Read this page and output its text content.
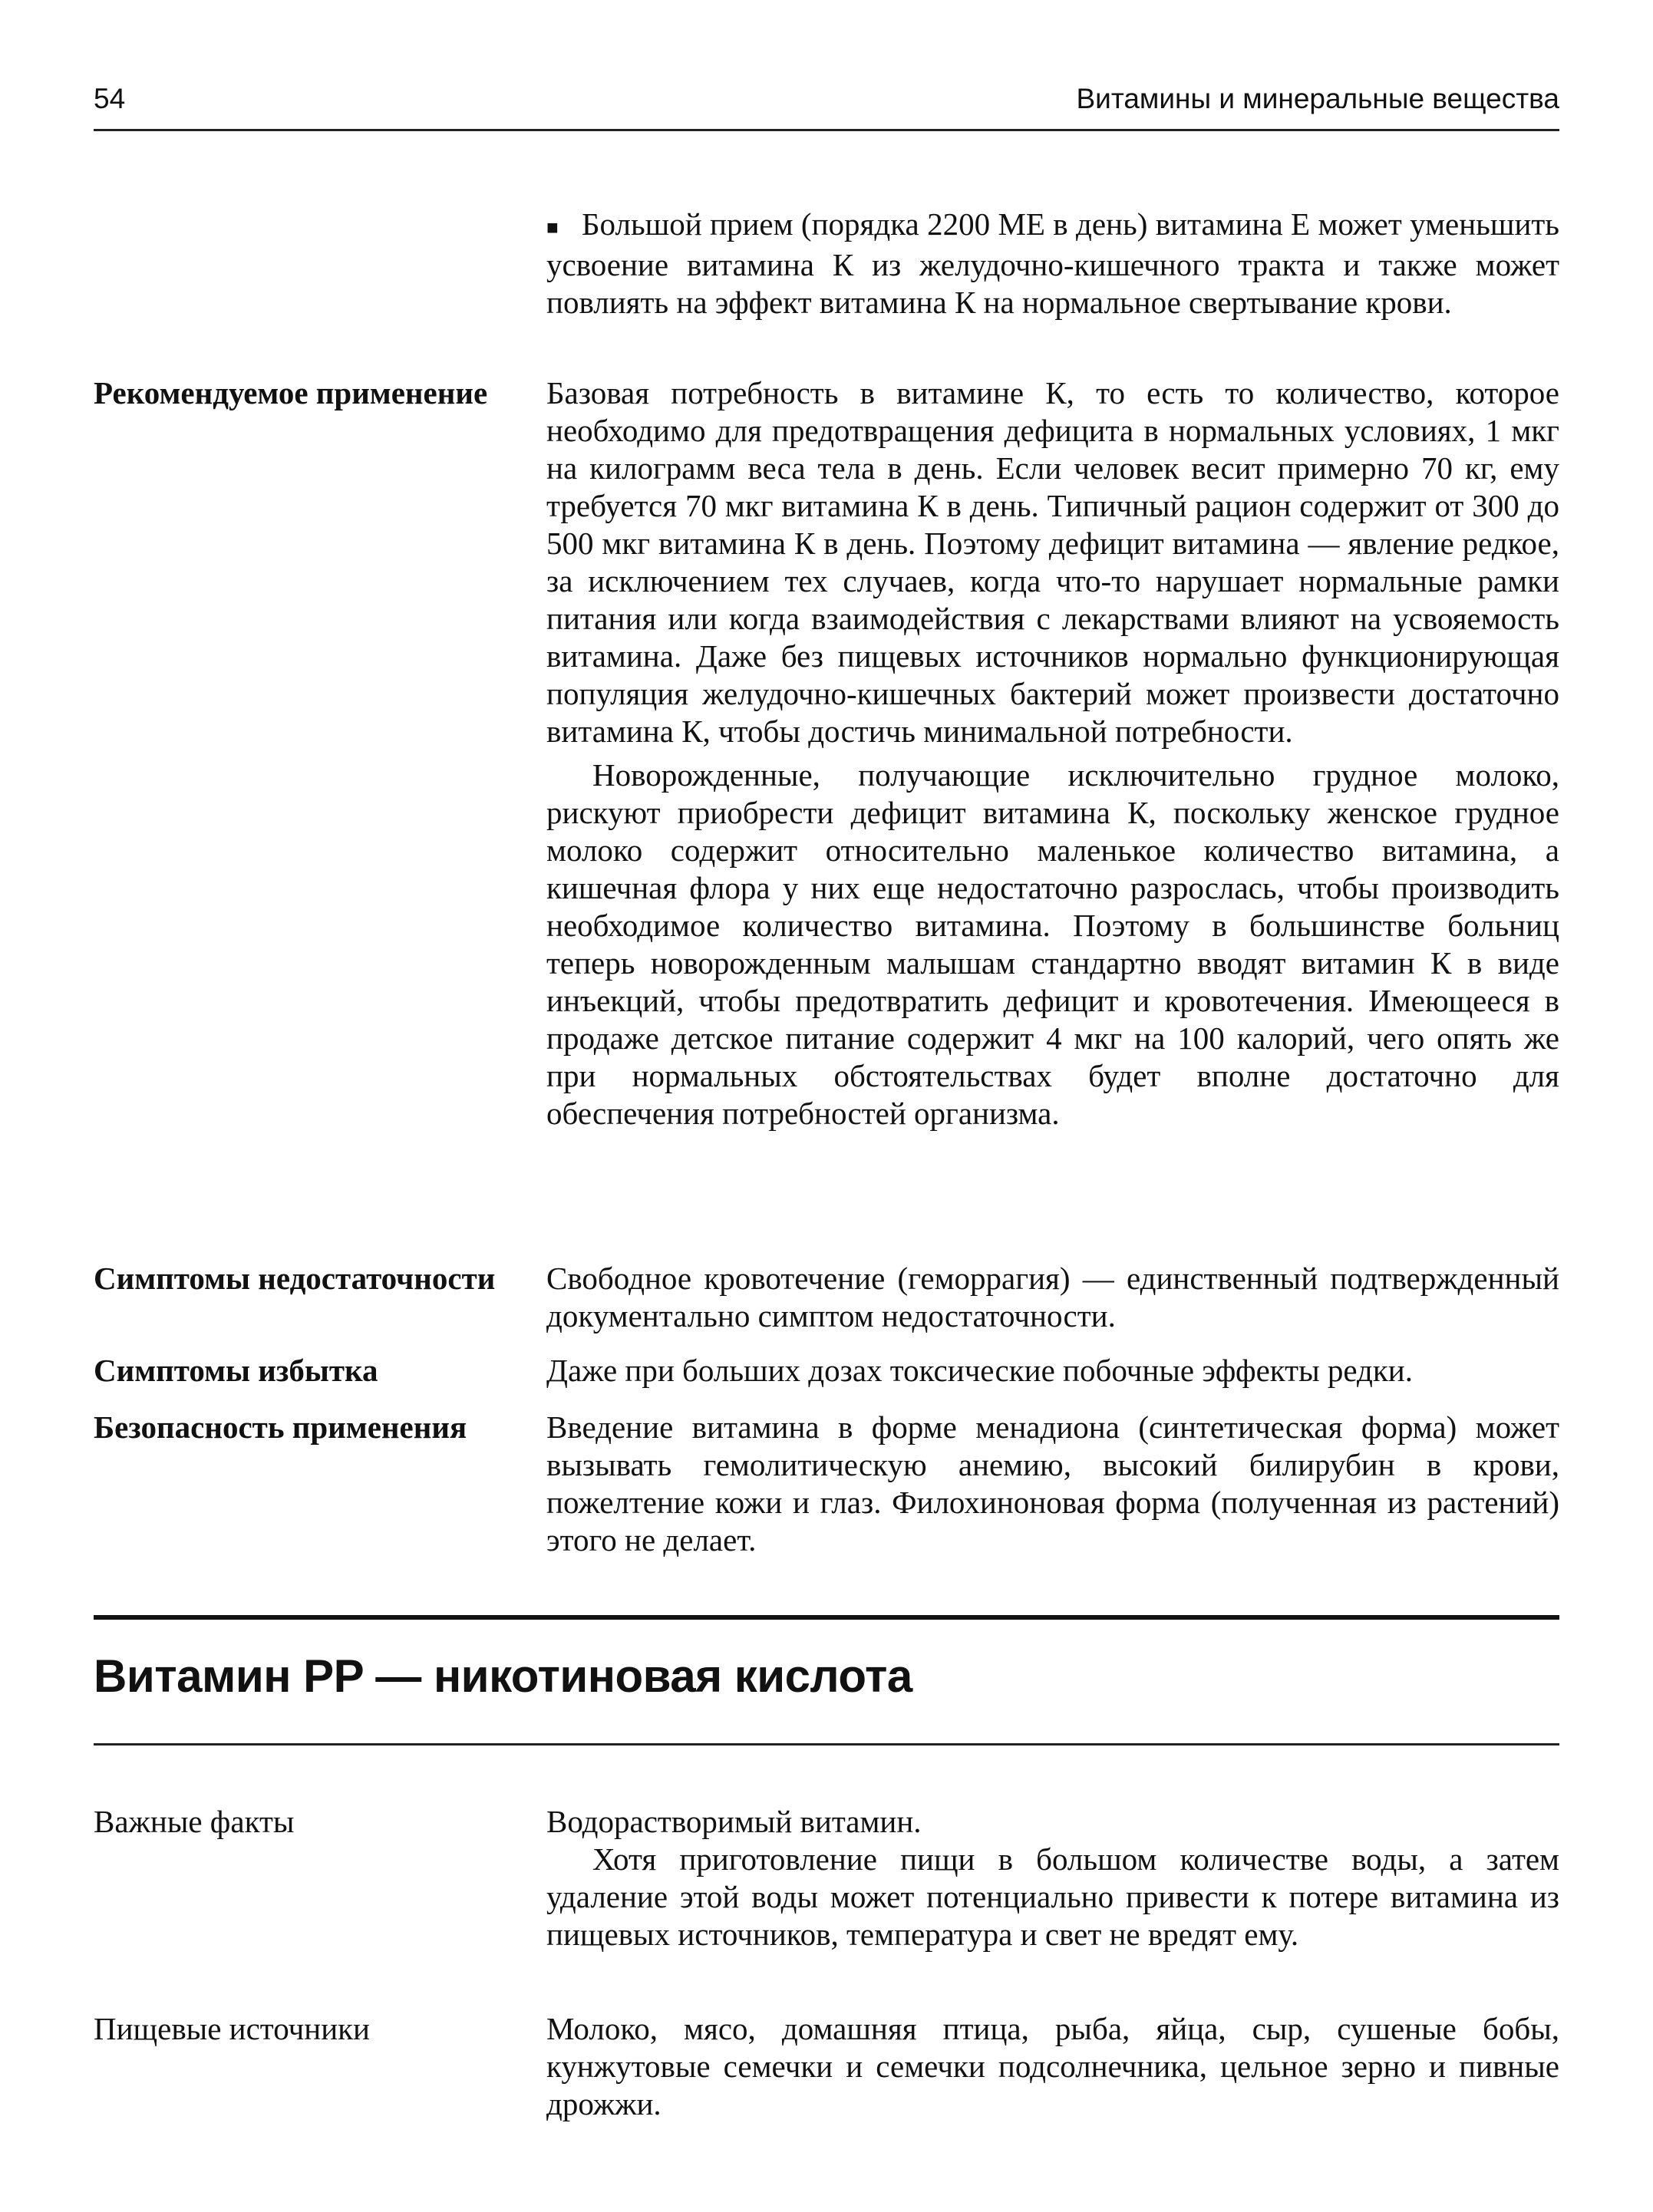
54	Витамины и минеральные вещества

■ Большой прием (порядка 2200 МЕ в день) витамина Е может уменьшить усвоение витамина К из желудочно-кишечного тракта и также может повлиять на эффект витамина К на нормальное свертывание крови.

Рекомендуемое применение	Базовая потребность в витамине К, то есть то количество, которое необходимо для предотвращения дефицита в нормальных условиях, 1 мкг на килограмм веса тела в день. Если человек весит примерно 70 кг, ему требуется 70 мкг витамина К в день. Типичный рацион содержит от 300 до 500 мкг витамина К в день. Поэтому дефицит витамина — явление редкое, за исключением тех случаев, когда что-то нарушает нормальные рамки питания или когда взаимодействия с лекарствами влияют на усвояемость витамина. Даже без пищевых источников нормально функционирующая популяция желудочно-кишечных бактерий может произвести достаточно витамина К, чтобы достичь минимальной потребности.

Новорожденные, получающие исключительно грудное молоко, рискуют приобрести дефицит витамина К, поскольку женское грудное молоко содержит относительно маленькое количество витамина, а кишечная флора у них еще недостаточно разрослась, чтобы производить необходимое количество витамина. Поэтому в большинстве больниц теперь новорожденным малышам стандартно вводят витамин К в виде инъекций, чтобы предотвратить дефицит и кровотечения. Имеющееся в продаже детское питание содержит 4 мкг на 100 калорий, чего опять же при нормальных обстоятельствах будет вполне достаточно для обеспечения потребностей организма.

Симптомы недостаточности	Свободное кровотечение (геморрагия) — единственный подтвержденный документально симптом недостаточности.
Симптомы избытка	Даже при больших дозах токсические побочные эффекты редки.
Безопасность применения	Введение витамина в форме менадиона (синтетическая форма) может вызывать гемолитическую анемию, высокий билирубин в крови, пожелтение кожи и глаз. Филохиноновая форма (полученная из растений) этого не делает.
Витамин PP — никотиновая кислота
Важные факты	Водорастворимый витамин.

Хотя приготовление пищи в большом количестве воды, а затем удаление этой воды может потенциально привести к потере витамина из пищевых источников, температура и свет не вредят ему.

Пищевые источники	Молоко, мясо, домашняя птица, рыба, яйца, сыр, сушеные бобы, кунжутовые семечки и семечки подсолнечника, цельное зерно и пивные дрожжи.
